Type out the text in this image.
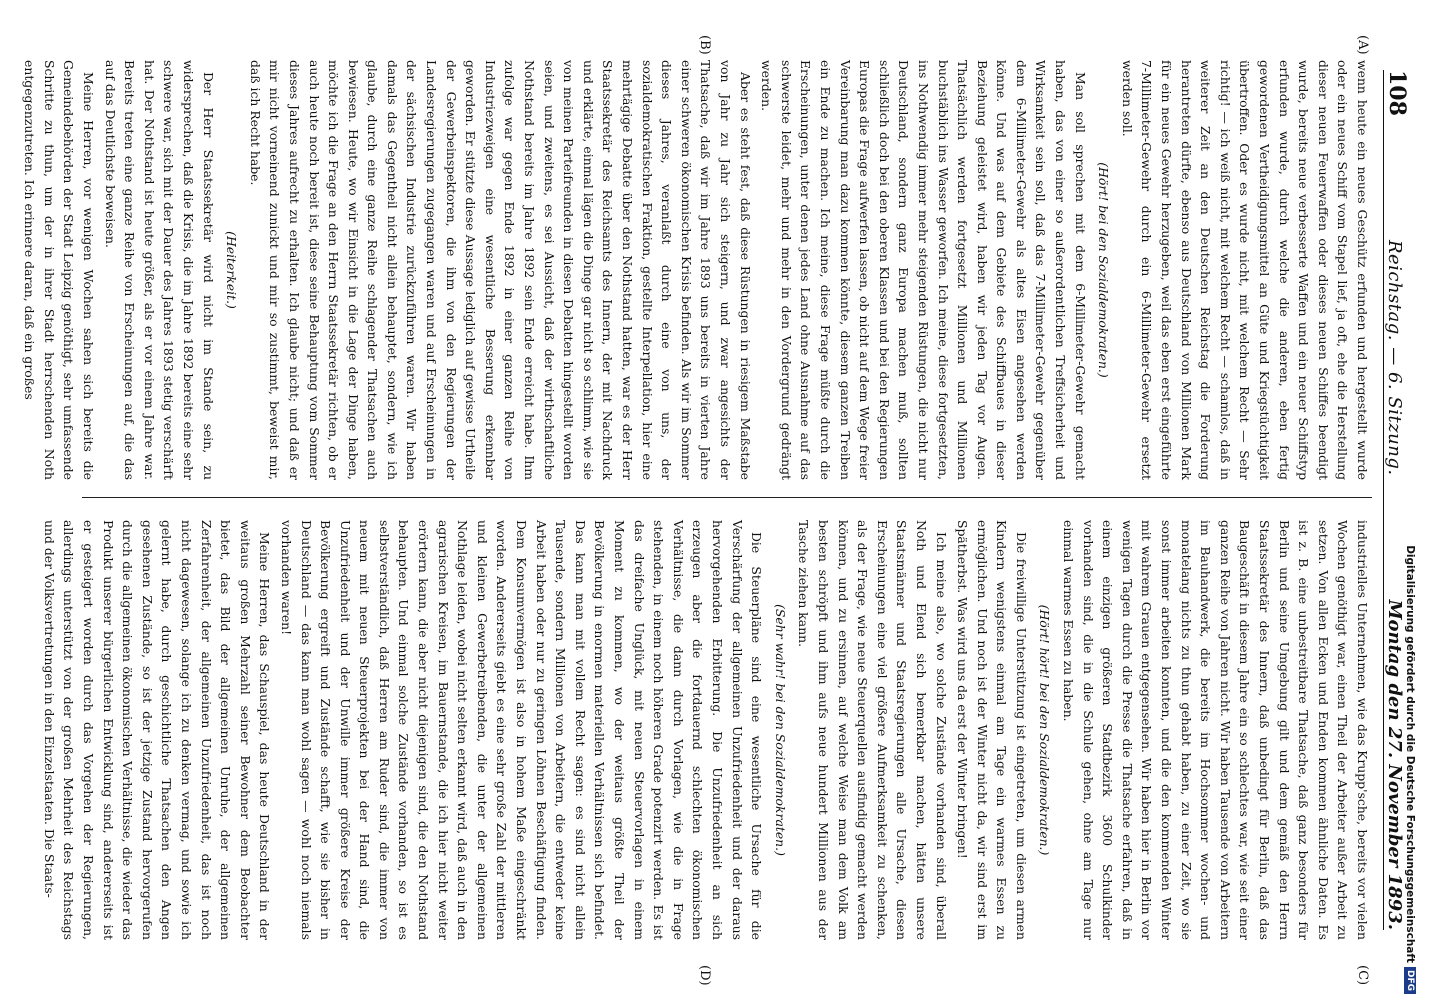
108
Reichstag. — 6. Sitzung.
Montag den 27. November 1893.
(A)
(B)
(C)
(D)

wenn heute ein neues Geschütz erfunden und hergestellt wurde oder ein neues Schiff vom Stapel lief, ja oft, ehe die Herstellung dieser neuen Feuerwaffen oder dieses neuen Schiffes beendigt wurde, bereits neue verbesserte Waffen und ein neuer Schiffstyp erfunden wurde, durch welche die anderen, eben fertig gewordenen Vertheidigungsmittel an Güte und Kriegstüchtigkeit übertroffen. Oder es wurde nicht, mit welchem Recht — Sehr richtig! — ich weiß nicht, mit welchem Recht — schamlos, daß in weiterer Zeit an den Deutschen Reichstag die Forderung herantreten dürfte, ebenso aus Deutschland von Millionen Mark für ein neues Gewehr herzugeben, weil das eben erst eingeführte 7-Millimeter-Gewehr durch ein 6-Millimeter-Gewehr ersetzt werden soll.

(Hört! bei den Sozialdemokraten.)

Man soll sprechen mit dem 6-Millimeter-Gewehr gemacht haben, das von einer so außerordentlichen Treffsicherheit und Wirksamkeit sein soll, daß das 7-Millimeter-Gewehr gegenüber dem 6-Millimeter-Gewehr als altes Eisen angesehen werden könne. Und was auf dem Gebiete des Schiffbaues in dieser Beziehung geleistet wird, haben wir jeden Tag vor Augen. Thatsächlich werden fortgesetzt Millionen und Millionen buchstäblich ins Wasser geworfen. Ich meine, diese fortgesetzten, ins Nothwendig immer mehr steigenden Rüstungen, die nicht nur Deutschland, sondern ganz Europa machen muß, sollten schließlich doch bei den oberen Klassen und bei den Regierungen Europas die Frage aufwerfen lassen, ob nicht auf dem Wege freier Vereinbarung man dazu kommen könnte, diesem ganzen Treiben ein Ende zu machen. Ich meine, diese Frage müßte durch die Erscheinungen, unter denen jedes Land ohne Ausnahme auf das schwerste leidet, mehr und mehr in den Vordergrund gedrängt werden.

Aber es steht fest, daß diese Rüstungen in riesigem Maßstabe von Jahr zu Jahr sich steigern, und zwar angesichts der Thatsache, daß wir im Jahre 1893 uns bereits in vierten Jahre einer schweren ökonomischen Krisis befinden. Als wir im Sommer dieses Jahres, veranlaßt durch eine von uns, der sozialdemokratischen Fraktion, gestellte Interpellation, hier eine mehrtägige Debatte über den Nothstand hatten, war es der Herr Staatssekretär des Reichsamts des Innern, der mit Nachdruck und erklärte, einmal lägen die Dinge gar nicht so schlimm, wie sie von meinen Parteifreunden in diesen Debatten hingestellt worden seien, und zweitens, es sei Aussicht, daß der wirthschaftliche Nothstand bereits im Jahre 1892 sein Ende erreicht habe. Ihm zufolge war gegen Ende 1892 in einer ganzen Reihe von Industriezweigen eine wesentliche Besserung erkennbar geworden. Er stützte diese Aussage lediglich auf gewisse Urtheile der Gewerbeinspektoren, die ihm von den Regierungen der Landesregierungen zugegangen waren und auf Erscheinungen in der sächsischen Industrie zurückzuführen waren. Wir haben damals das Gegentheil nicht allein behauptet, sondern, wie ich glaube, durch eine ganze Reihe schlagender Thatsachen auch bewiesen. Heute, wo wir Einsicht in die Lage der Dinge haben, möchte ich die Frage an den Herrn Staatssekretär richten, ob er auch heute noch bereit ist, diese seine Behauptung vom Sommer dieses Jahres aufrecht zu erhalten. Ich glaube nicht; und daß er mir nicht vorneinend zunickt und mir so zustimmt, beweist mir, daß ich Recht habe.

(Heiterkeit.)

Der Herr Staatssekretär wird nicht im Stande sein, zu widersprechen, daß die Krisis, die im Jahre 1892 bereits eine sehr schwere war, sich mit der Dauer des Jahres 1893 stetig verschärft hat. Der Nothstand ist heute größer, als er vor einem Jahre war. Bereits treten eine ganze Reihe von Erscheinungen auf, die das auf das Deutlichste beweisen.

Meine Herren, vor wenigen Wochen sahen sich bereits die Gemeindebehörden der Stadt Leipzig genöthigt, sehr umfassende Schritte zu thun, um der in ihrer Stadt herrschenden Noth entgegenzutreten. Ich erinnere daran, daß ein großes

industrielles Unternehmen, wie das Krupp'sche, bereits vor vielen Wochen genöthigt war, einen Theil der Arbeiter außer Arbeit zu setzen. Von allen Ecken und Enden kommen ähnliche Daten. Es ist z. B. eine unbestreitbare Thatsache, daß ganz besonders für Berlin und seine Umgebung gilt und dem gemäß den Herrn Staatssekretär des Innern, daß unbedingt für Berlin, daß das Baugeschäft in diesem Jahre ein so schlechtes war, wie seit einer ganzen Reihe von Jahren nicht. Wir haben Tausende von Arbeitern im Bauhandwerk, die bereits im Hochsommer wochen- und monatelang nichts zu thun gehabt haben, zu einer Zeit, wo sie sonst immer arbeiten konnten, und die den kommenden Winter mit wahrem Grauen entgegensehen. Wir haben hier in Berlin vor wenigen Tagen durch die Presse die Thatsache erfahren, daß in einem einzigen größeren Stadtbezirk 3600 Schulkinder vorhanden sind, die in die Schule gehen, ohne am Tage nur einmal warmes Essen zu haben.

(Hört! hört! bei den Sozialdemokraten.)

Die freiwillige Unterstützung ist eingetreten, um diesen armen Kindern wenigstens einmal am Tage ein warmes Essen zu ermöglichen. Und noch ist der Winter nicht da, wir sind erst im Spätherbst. Was wird uns da erst der Winter bringen!

Ich meine also, wo solche Zustände vorhanden sind, überall Noth und Elend sich bemerkbar machen, hätten unsere Staatsmänner und Staatsregierungen alle Ursache, diesen Erscheinungen eine viel größere Aufmerksamkeit zu schenken, als der Frage, wie neue Steuerquellen ausfindig gemacht werden können, und zu ersinnen, auf welche Weise man dem Volk am besten schröpft und ihm aufs neue hundert Millionen aus der Tasche ziehen kann.

(Sehr wahr! bei den Sozialdemokraten.)

Die Steuerpläne sind eine wesentliche Ursache für die Verschärfung der allgemeinen Unzufriedenheit und der daraus hervorgehenden Erbitterung. Die Unzufriedenheit an sich erzeugen aber die fortdauernd schlechten ökonomischen Verhältnisse, die dann durch Vorlagen, wie die in Frage stehenden, in einem noch höheren Grade potenzirt werden. Es ist das dreifache Unglück, mit neuen Steuervorlagen in einem Moment zu kommen, wo der weitaus größte Theil der Bevölkerung in enormen materiellen Verhältnissen sich befindet. Das kann man mit vollem Recht sagen: es sind nicht allein Tausende, sondern Millionen von Arbeitern, die entweder keine Arbeit haben oder nur zu geringen Löhnen Beschäftigung finden. Dem Konsumvermögen ist also in hohem Maße eingeschränkt worden. Andererseits giebt es eine sehr große Zahl der mittleren und kleinen Gewerbetreibenden, die unter der allgemeinen Nothlage leiden, wobei nicht selten erkannt wird, daß auch in den agrarischen Kreisen, im Bauernstande, die ich hier nicht weiter erörtern kann, die aber nicht diejenigen sind, die den Nothstand behaupten. Und einmal solche Zustände vorhanden, so ist es selbstverständlich, daß Herren am Ruder sind, die immer von neuem mit neuen Steuerprojekten bei der Hand sind, die Unzufriedenheit und der Unwille immer größere Kreise der Bevölkerung ergreift und Zustände schafft, wie sie bisher in Deutschland — das kann man wohl sagen — wohl noch niemals vorhanden waren!

Meine Herren, das Schauspiel, das heute Deutschland in der weitaus großen Mehrzahl seiner Bewohner dem Beobachter bietet, das Bild der allgemeinen Unruhe, der allgemeinen Zerfahrenheit, der allgemeinen Unzufriedenheit, das ist noch nicht dagewesen, solange ich zu denken vermag, und sowie ich gelernt habe, durch geschichtliche Thatsachen den Angen gesehenen Zustände, so ist der jetzige Zustand hervorgerufen durch die allgemeinen ökonomischen Verhältnisse, die wieder das Produkt unserer bürgerlichen Entwicklung sind, andererseits ist er gesteigert worden durch das Vorgehen der Regierungen, allerdings unterstützt von der großen Mehrheit des Reichstags und der Volksvertretungen in den Einzelstaaten. Die Staats-	Digitalisierung gefördert durch die Deutsche Forschungsgemeinschaft
DFG
